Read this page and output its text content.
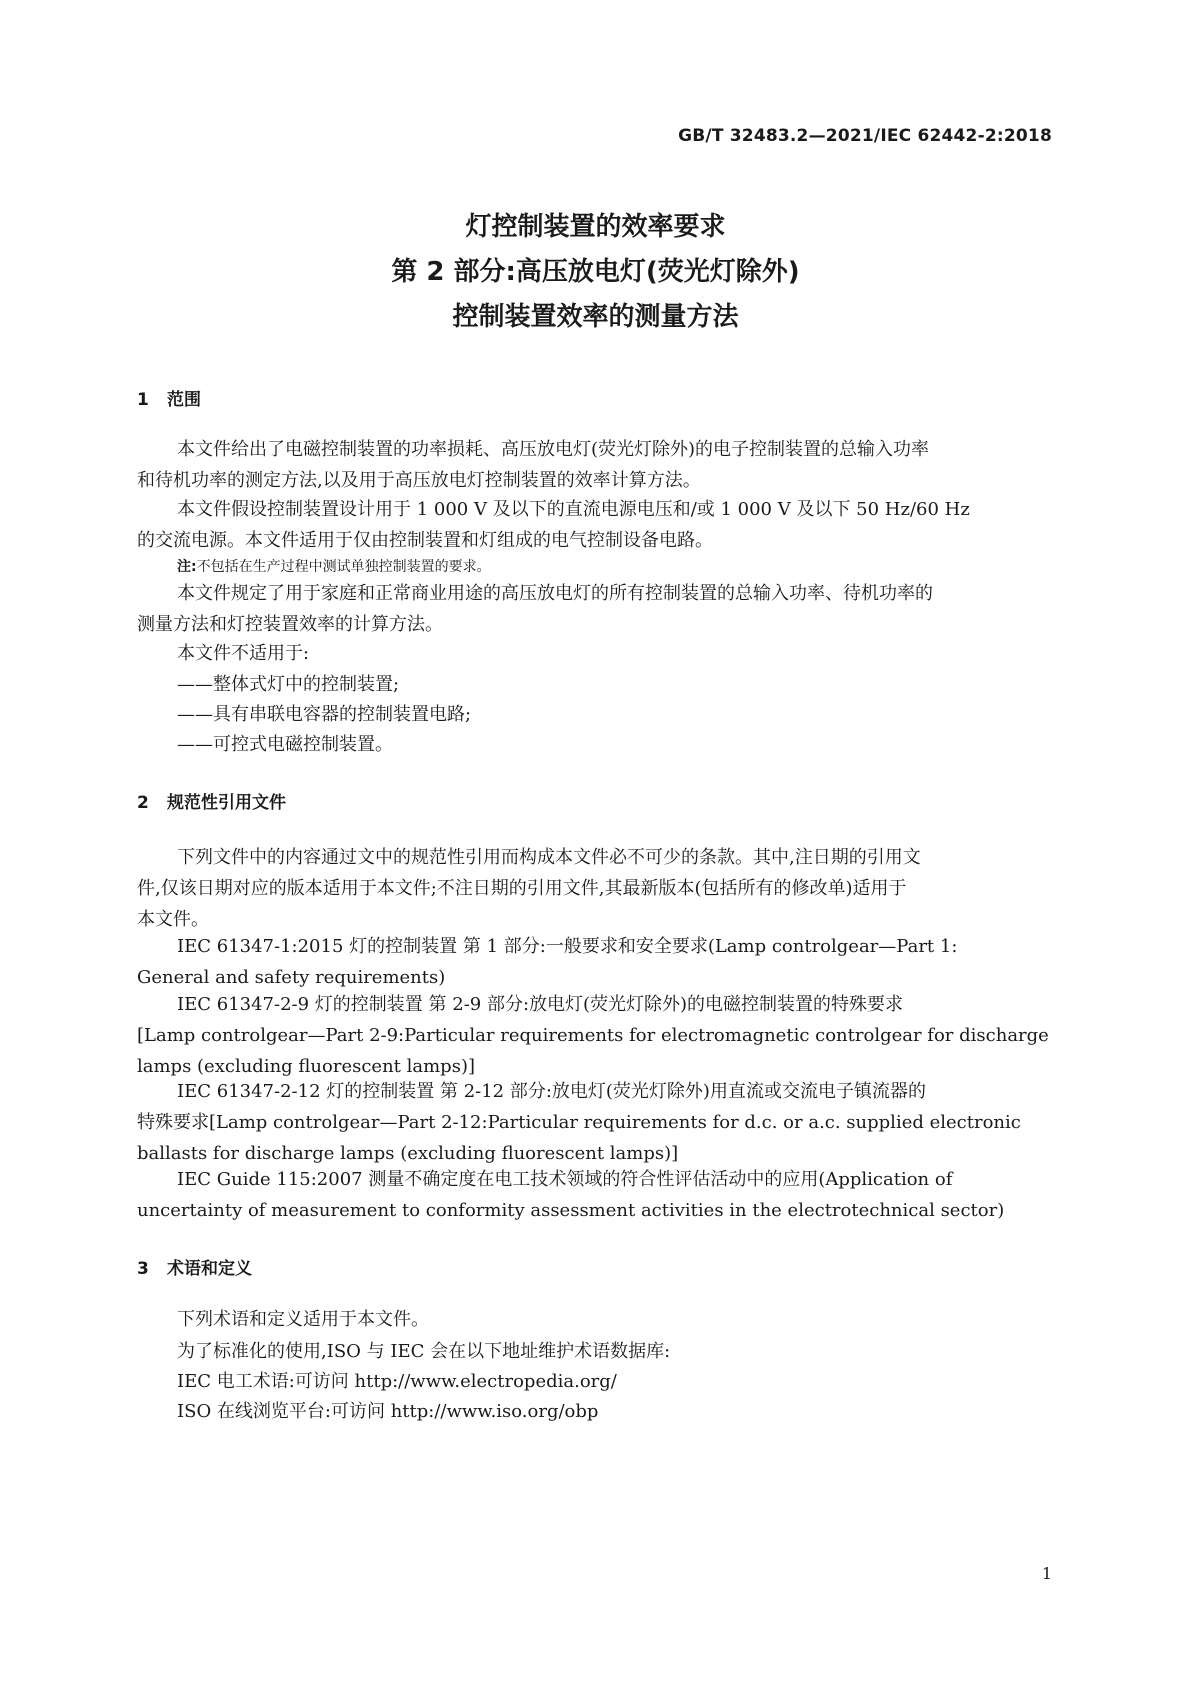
GB/T 32483.2—2021/IEC 62442-2:2018
灯控制装置的效率要求
第 2 部分:高压放电灯(荧光灯除外)
控制装置效率的测量方法
1 范围
本文件给出了电磁控制装置的功率损耗、高压放电灯(荧光灯除外)的电子控制装置的总输入功率
和待机功率的测定方法,以及用于高压放电灯控制装置的效率计算方法。
本文件假设控制装置设计用于 1 000 V 及以下的直流电源电压和/或 1 000 V 及以下 50 Hz/60 Hz
的交流电源。本文件适用于仅由控制装置和灯组成的电气控制设备电路。
注:不包括在生产过程中测试单独控制装置的要求。
本文件规定了用于家庭和正常商业用途的高压放电灯的所有控制装置的总输入功率、待机功率的
测量方法和灯控装置效率的计算方法。
本文件不适用于:
——整体式灯中的控制装置;
——具有串联电容器的控制装置电路;
——可控式电磁控制装置。
2 规范性引用文件
下列文件中的内容通过文中的规范性引用而构成本文件必不可少的条款。其中,注日期的引用文
件,仅该日期对应的版本适用于本文件;不注日期的引用文件,其最新版本(包括所有的修改单)适用于
本文件。
IEC 61347-1:2015 灯的控制装置 第 1 部分:一般要求和安全要求(Lamp controlgear—Part 1:
General and safety requirements)
IEC 61347-2-9 灯的控制装置 第 2-9 部分:放电灯(荧光灯除外)的电磁控制装置的特殊要求
[Lamp controlgear—Part 2-9:Particular requirements for electromagnetic controlgear for discharge
lamps (excluding fluorescent lamps)]
IEC 61347-2-12 灯的控制装置 第 2-12 部分:放电灯(荧光灯除外)用直流或交流电子镇流器的
特殊要求[Lamp controlgear—Part 2-12:Particular requirements for d.c. or a.c. supplied electronic
ballasts for discharge lamps (excluding fluorescent lamps)]
IEC Guide 115:2007 测量不确定度在电工技术领域的符合性评估活动中的应用(Application of
uncertainty of measurement to conformity assessment activities in the electrotechnical sector)
3 术语和定义
下列术语和定义适用于本文件。
为了标准化的使用,ISO 与 IEC 会在以下地址维护术语数据库:
IEC 电工术语:可访问 http://www.electropedia.org/
ISO 在线浏览平台:可访问 http://www.iso.org/obp
1
